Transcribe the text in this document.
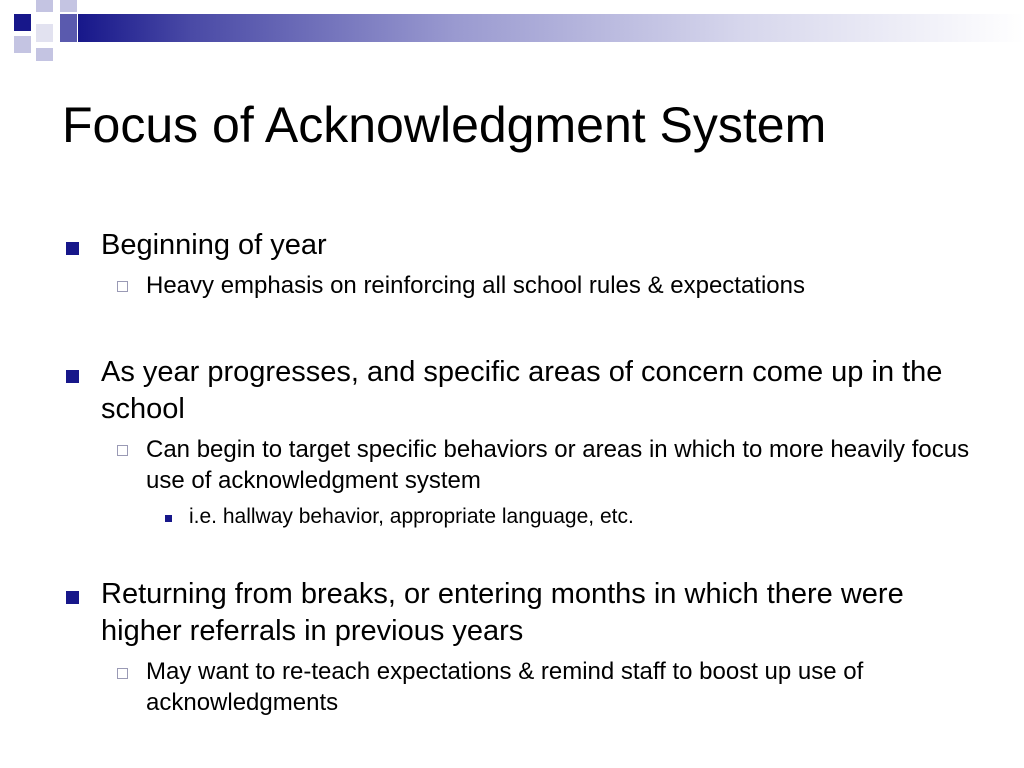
Focus of Acknowledgment System
Beginning of year
Heavy emphasis on reinforcing all school rules & expectations
As year progresses, and specific areas of concern come up in the school
Can begin to target specific behaviors or areas in which to more heavily focus use of acknowledgment system
i.e. hallway behavior, appropriate language, etc.
Returning from breaks, or entering months in which there were higher referrals in previous years
May want to re-teach expectations & remind staff to boost up use of acknowledgments
